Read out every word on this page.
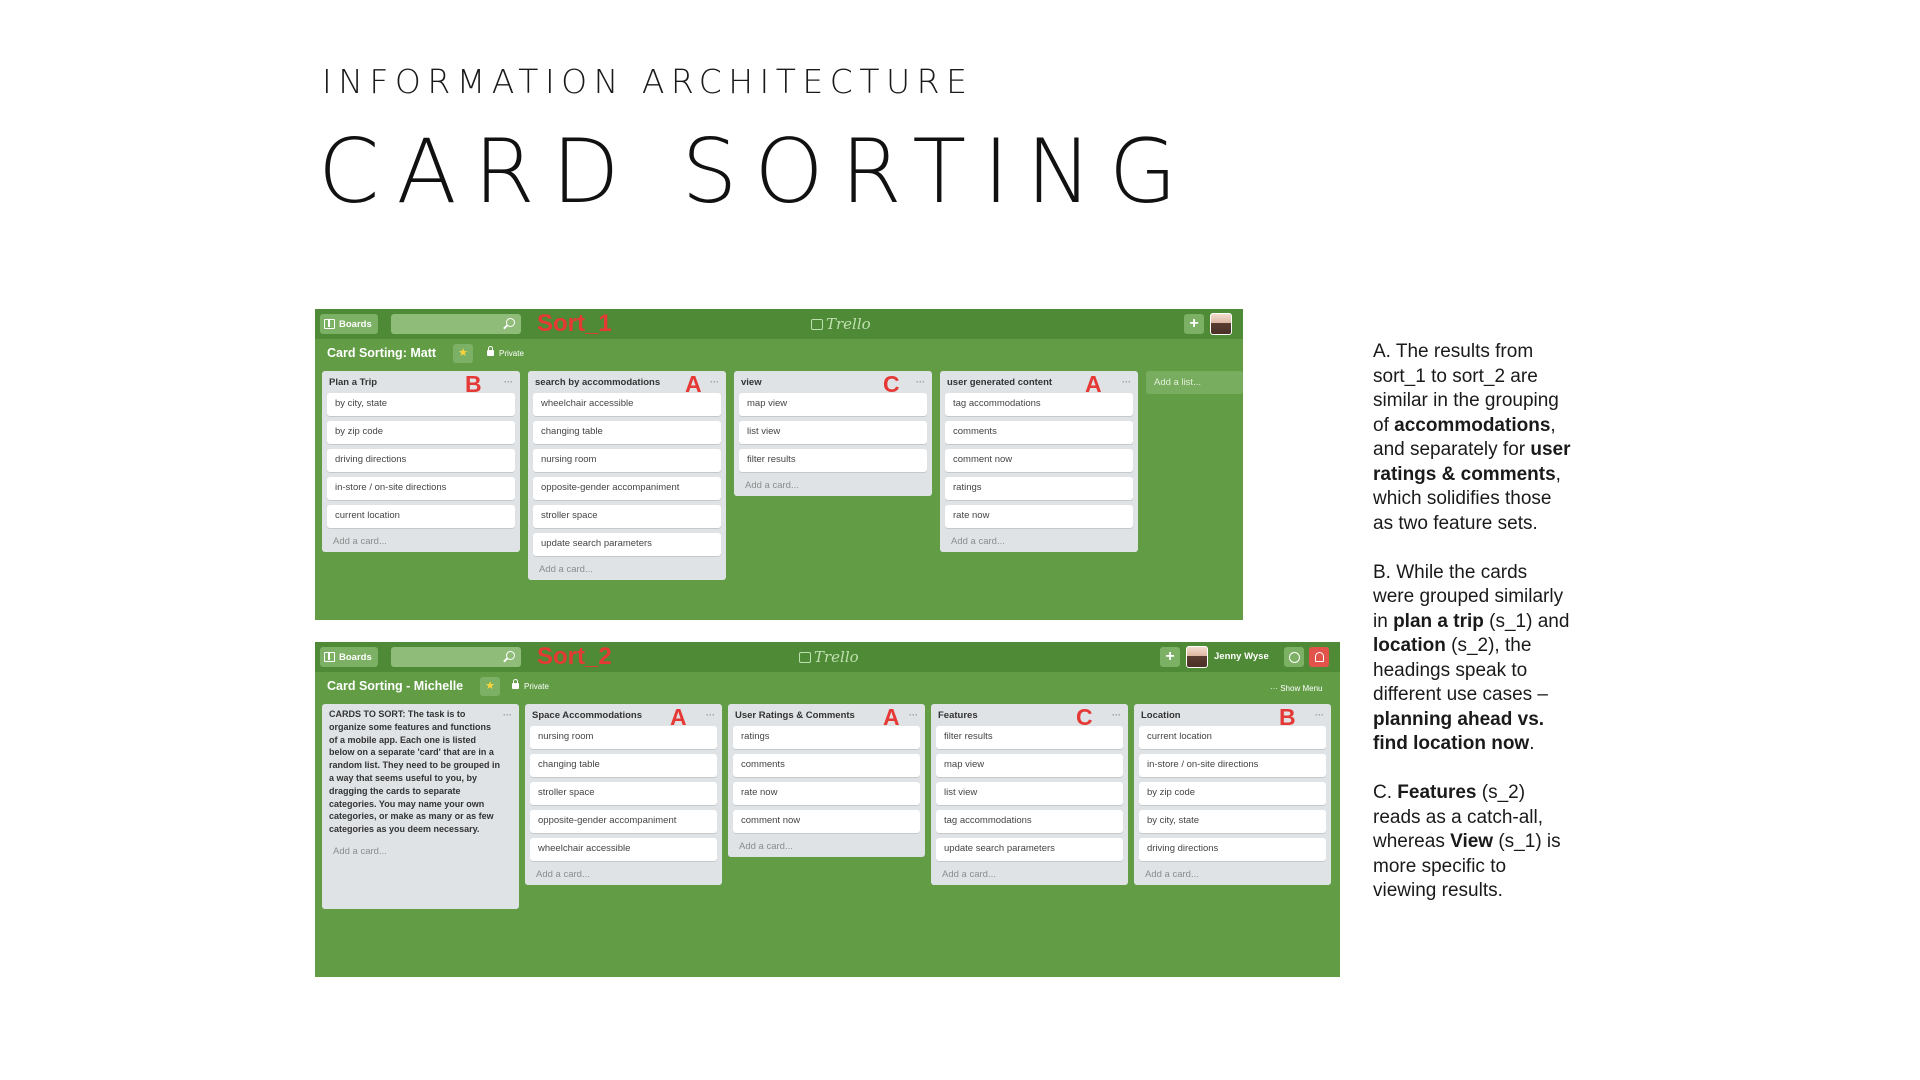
INFORMATION ARCHITECTURE
CARD SORTING
Boards	Sort_1	Trello	+
Card Sorting: Matt	★	Private
Plan a Trip	B ···
by city, state
by zip code
driving directions
in-store / on-site directions
current location
Add a card...
search by accommodations A ···
wheelchair accessible
changing table
nursing room
opposite-gender accompaniment
stroller space
update search parameters
Add a card...
view	C ···
map view
list view
filter results
Add a card...
user generated content A ···
tag accommodations
comments
comment now
ratings
rate now
Add a card...
Add a list...
Boards	Sort_2	Trello	+	Jenny Wyse
Card Sorting - Michelle	★	Private	··· Show Menu
···
CARDS TO SORT: The task is to organize some features and functions of a mobile app. Each one is listed below on a separate 'card' that are in a random list. They need to be grouped in a way that seems useful to you, by dragging the cards to separate categories. You may name your own categories, or make as many or as few categories as you deem necessary.
Add a card...
Space Accommodations A ···
nursing room
changing table
stroller space
opposite-gender accompaniment
wheelchair accessible
Add a card...
User Ratings & Comments A ···
ratings
comments
rate now
comment now
Add a card...
Features	C ···
filter results
map view
list view
tag accommodations
update search parameters
Add a card...
Location	B ···
current location
in-store / on-site directions
by zip code
by city, state
driving directions
Add a card...

A. The results from sort_1 to sort_2 are similar in the grouping of accommodations, and separately for user ratings & comments, which solidifies those as two feature sets.

B. While the cards were grouped similarly in plan a trip (s_1) and location (s_2), the headings speak to different use cases – planning ahead vs. find location now.

C. Features (s_2) reads as a catch-all, whereas View (s_1) is more specific to viewing results.
